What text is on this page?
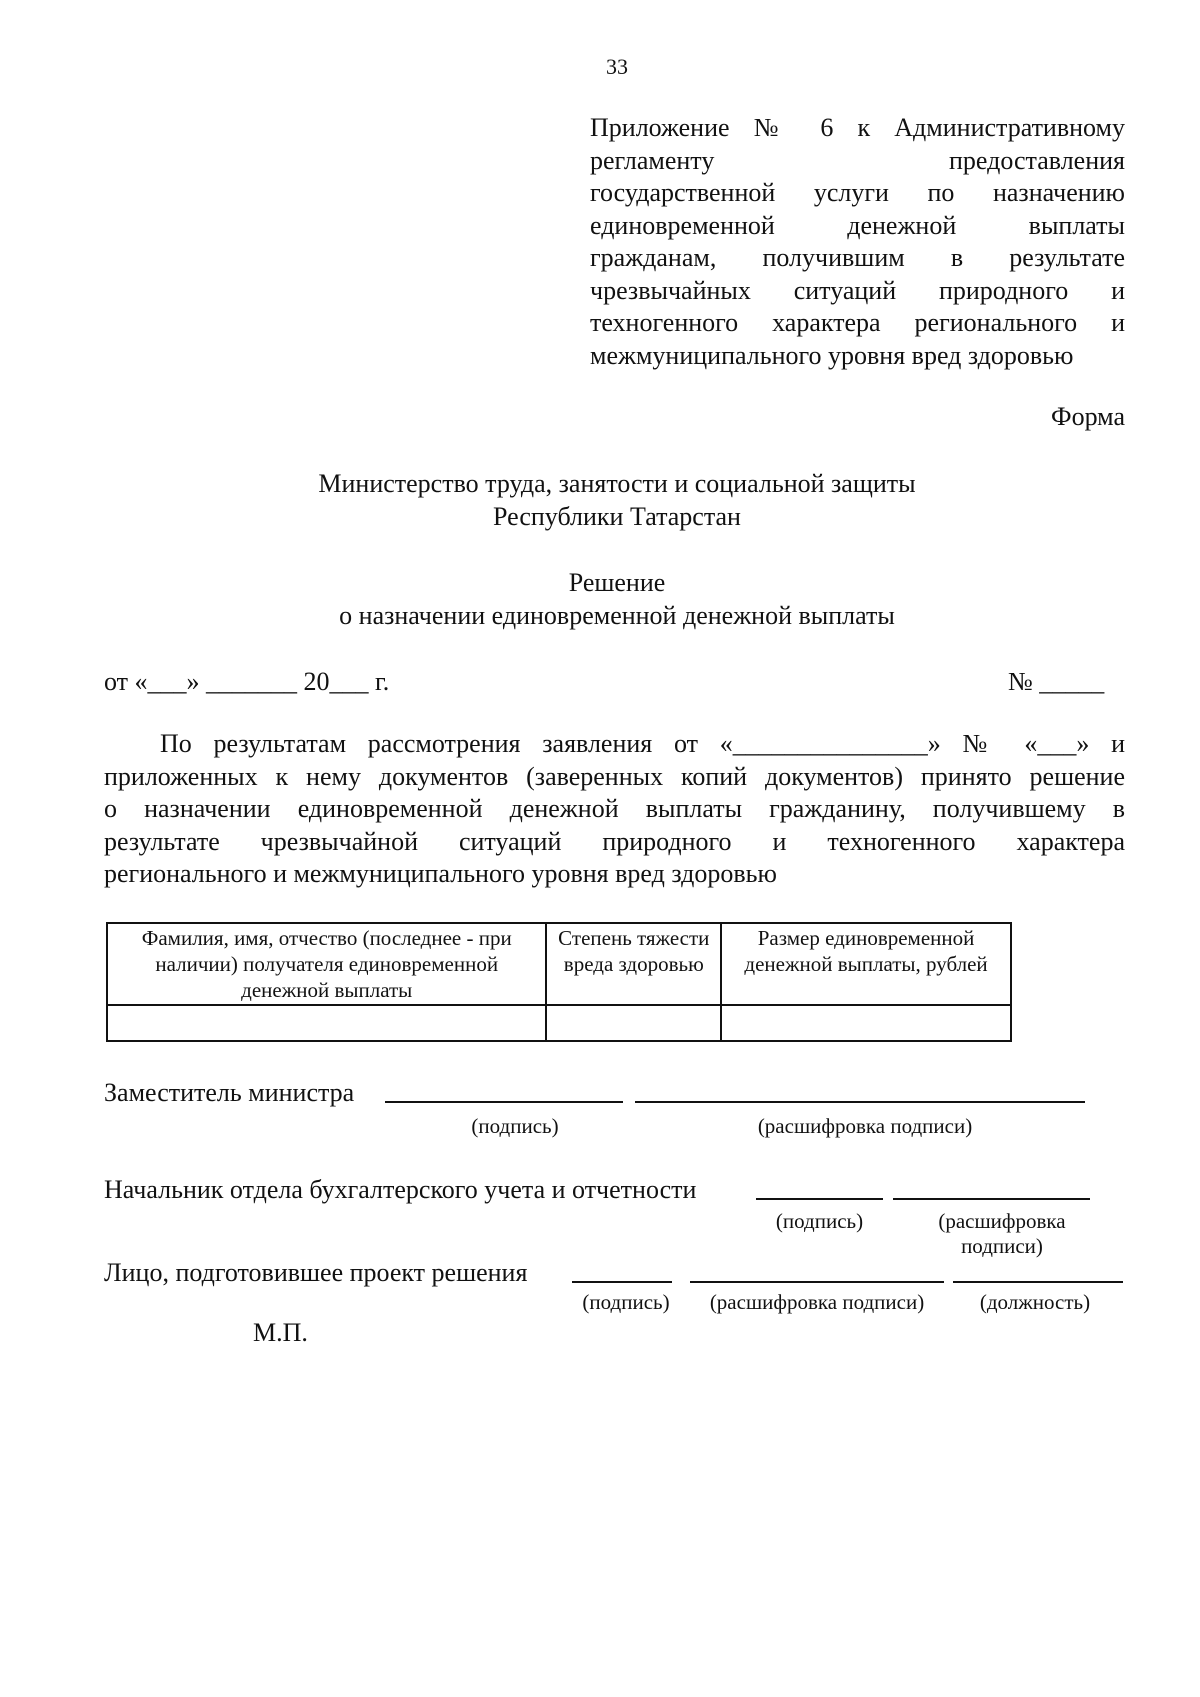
33
Приложение № 6 к Административному
регламенту предоставления
государственной услуги по назначению
единовременной денежной выплаты
гражданам, получившим в результате
чрезвычайных ситуаций природного и
техногенного характера регионального и
межмуниципального уровня вред здоровью
Форма
Министерство труда, занятости и социальной защиты
Республики Татарстан
Решение
о назначении единовременной денежной выплаты
от «___» _______ 20___ г.	№ _____
По результатам рассмотрения заявления от «_______________» № «___» и
приложенных к нему документов (заверенных копий документов) принято решение
о назначении единовременной денежной выплаты гражданину, получившему в
результате чрезвычайной ситуаций природного и техногенного характера
регионального и межмуниципального уровня вред здоровью
Фамилия, имя, отчество (последнее - при наличии) получателя единовременной денежной выплаты	Степень тяжести вреда здоровью	Размер единовременной денежной выплаты, рублей

Заместитель министра
(подпись)	(расшифровка подписи)
Начальник отдела бухгалтерского учета и отчетности
(подпись)	(расшифровка подписи)
Лицо, подготовившее проект решения
(подпись)	(расшифровка подписи)	(должность)
М.П.
